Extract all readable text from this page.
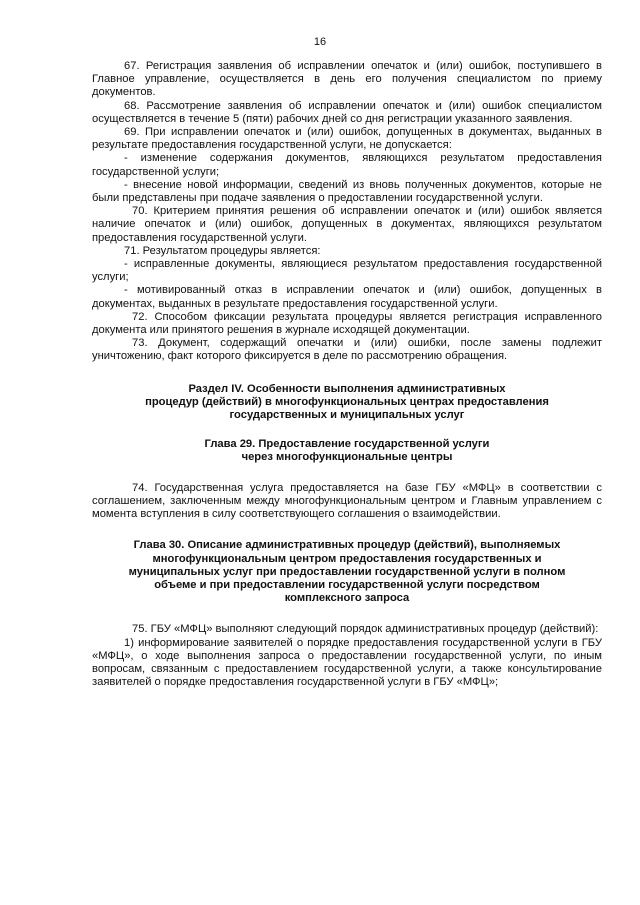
16

67. Регистрация заявления об исправлении опечаток и (или) ошибок, поступившего в Главное управление, осуществляется в день его получения специалистом по приему документов.

68. Рассмотрение заявления об исправлении опечаток и (или) ошибок специалистом осуществляется в течение 5 (пяти) рабочих дней со дня регистрации указанного заявления.

69. При исправлении опечаток и (или) ошибок, допущенных в документах, выданных в результате предоставления государственной услуги, не допускается:

- изменение содержания документов, являющихся результатом предоставления государственной услуги;

- внесение новой информации, сведений из вновь полученных документов, которые не были представлены при подаче заявления о предоставлении государственной услуги.

70. Критерием принятия решения об исправлении опечаток и (или) ошибок является наличие опечаток и (или) ошибок, допущенных в документах, являющихся результатом предоставления государственной услуги.

71. Результатом процедуры является:

- исправленные документы, являющиеся результатом предоставления государственной услуги;

- мотивированный отказ в исправлении опечаток и (или) ошибок, допущенных в документах, выданных в результате предоставления государственной услуги.

72. Способом фиксации результата процедуры является регистрация исправленного документа или принятого решения в журнале исходящей документации.

73. Документ, содержащий опечатки и (или) ошибки, после замены подлежит уничтожению, факт которого фиксируется в деле по рассмотрению обращения.

Раздел IV. Особенности выполнения административных

процедур (действий) в многофункциональных центрах предоставления

государственных и муниципальных услуг

Глава 29. Предоставление государственной услуги

через многофункциональные центры

74. Государственная услуга предоставляется на базе ГБУ «МФЦ» в соответствии с соглашением, заключенным между многофункциональным центром и Главным управлением с момента вступления в силу соответствующего соглашения о взаимодействии.

Глава 30. Описание административных процедур (действий), выполняемых

многофункциональным центром предоставления государственных и

муниципальных услуг при предоставлении государственной услуги в полном

объеме и при предоставлении государственной услуги посредством

комплексного запроса

75. ГБУ «МФЦ» выполняют следующий порядок административных процедур (действий):

1) информирование заявителей о порядке предоставления государственной услуги в ГБУ «МФЦ», о ходе выполнения запроса о предоставлении государственной услуги, по иным вопросам, связанным с предоставлением государственной услуги, а также консультирование заявителей о порядке предоставления государственной услуги в ГБУ «МФЦ»;
